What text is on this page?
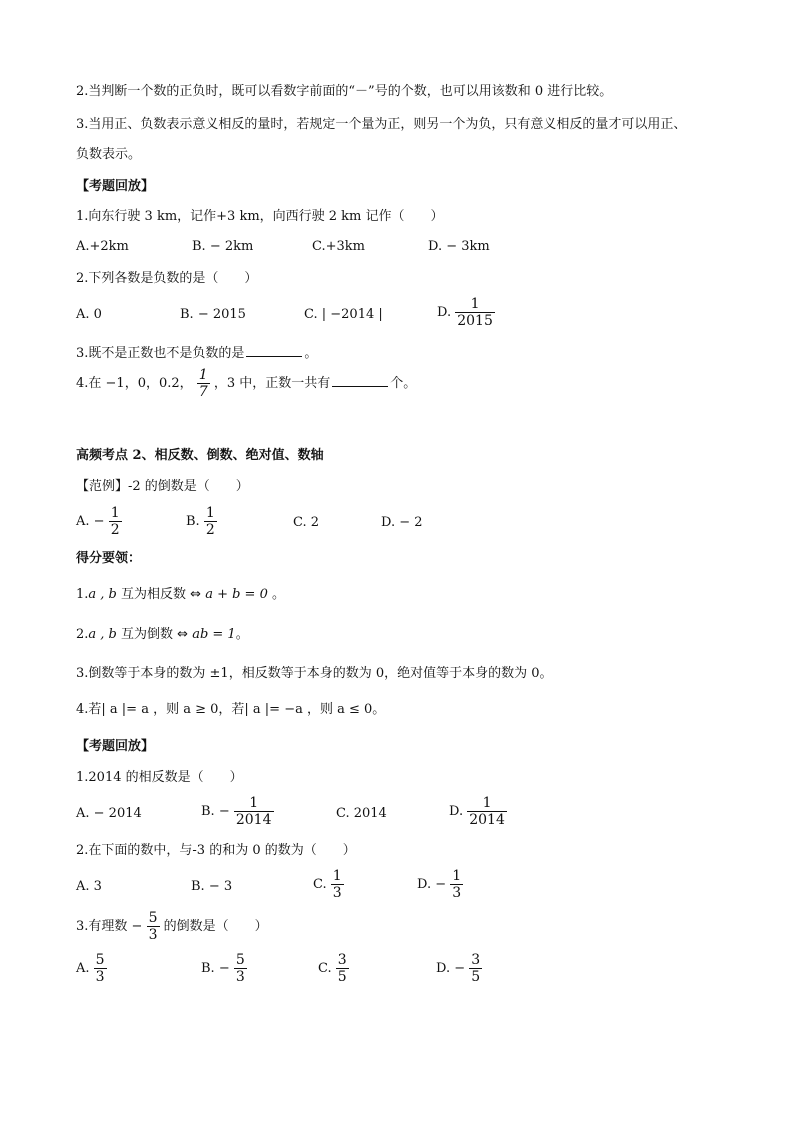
2.当判断一个数的正负时，既可以看数字前面的“－”号的个数，也可以用该数和 0 进行比较。
3.当用正、负数表示意义相反的量时，若规定一个量为正，则另一个为负，只有意义相反的量才可以用正、
负数表示。
【考题回放】
1.向东行驶 3 km，记作+3 km，向西行驶 2 km 记作（　　）
A.+2km	B. − 2km	C.+3km	D. − 3km
2.下列各数是负数的是（　　）
A. 0	B. − 2015	C. | −2014 |	D. $\frac{1}{2015}$
3.既不是正数也不是负数的是	。
4.在 −1，0，0.2， $\frac{1}{7}$ ，3 中，正数一共有	个。
高频考点 2、相反数、倒数、绝对值、数轴
【范例】-2 的倒数是（　　）
A. − $\frac{1}{2}$	B. $\frac{1}{2}$	C. 2	D. − 2
得分要领：
1.a , b 互为相反数 ⇔ a + b = 0 。
2.a , b 互为倒数 ⇔ ab = 1。
3.倒数等于本身的数为 ±1，相反数等于本身的数为 0，绝对值等于本身的数为 0。
4.若| a |= a ，则 a ≥ 0，若| a |= −a ，则 a ≤ 0。
【考题回放】
1.2014 的相反数是（　　）
A. − 2014	B. − $\frac{1}{2014}$	C. 2014	D. $\frac{1}{2014}$
2.在下面的数中，与-3 的和为 0 的数为（　　）
A. 3	B. − 3	C. $\frac{1}{3}$	D. − $\frac{1}{3}$
3.有理数 − $\frac{5}{3}$ 的倒数是（　　）
A. $\frac{5}{3}$	B. − $\frac{5}{3}$	C. $\frac{3}{5}$	D. − $\frac{3}{5}$
